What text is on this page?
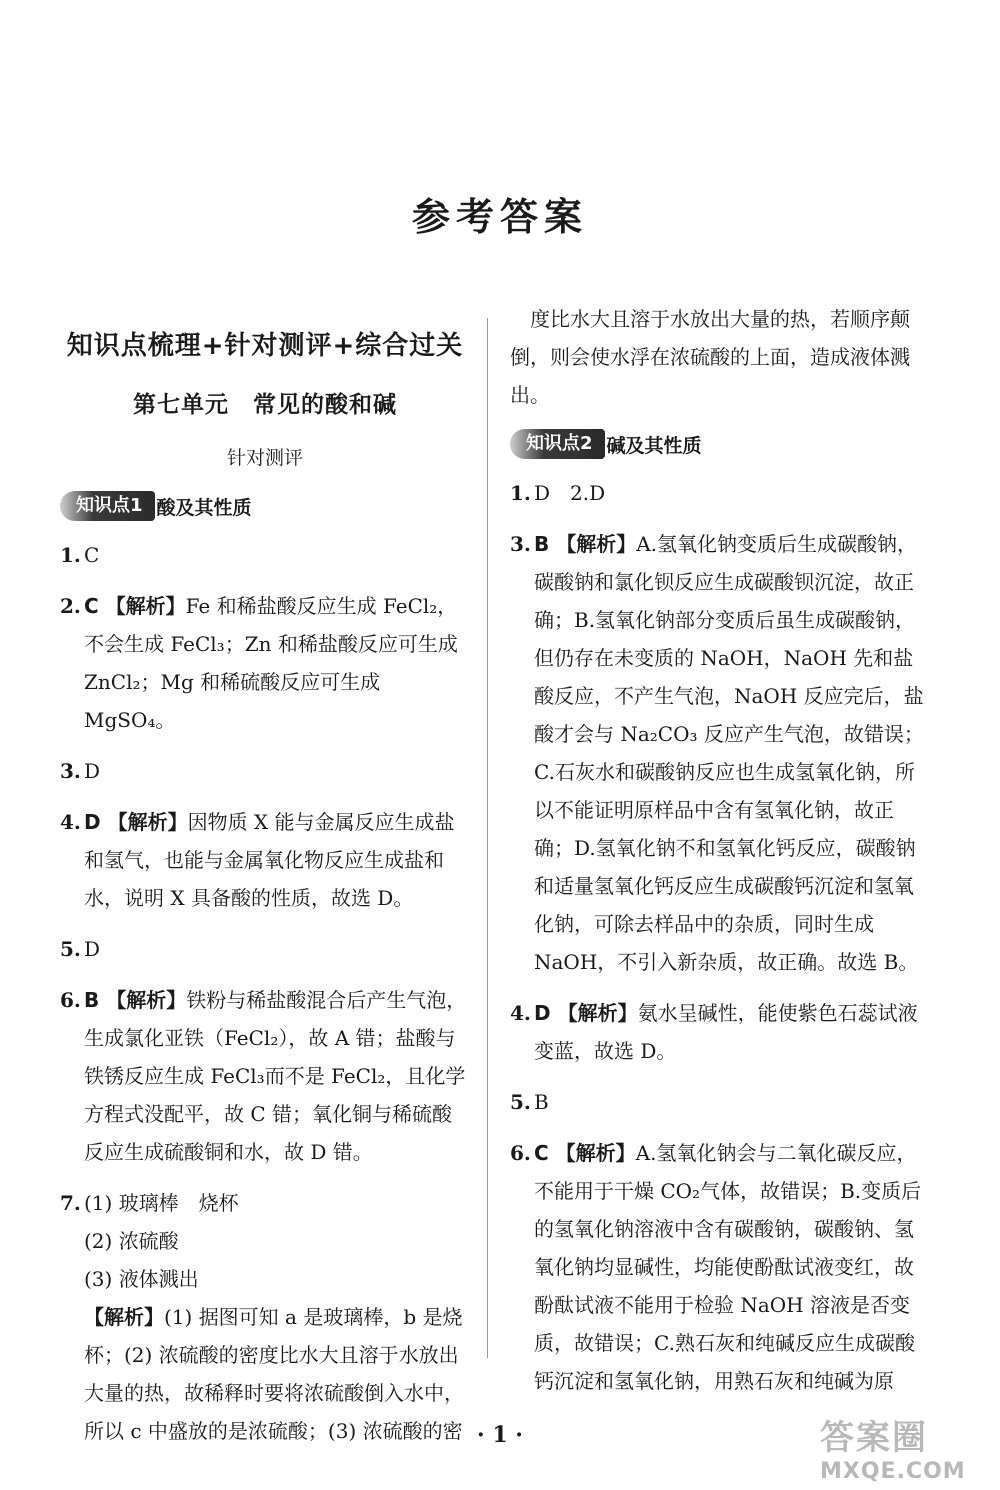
参考答案
知识点梳理+针对测评+综合过关
第七单元　常见的酸和碱
针对测评
知识点1 酸及其性质
1. C
2. C 【解析】Fe 和稀盐酸反应生成 FeCl₂，不会生成 FeCl₃；Zn 和稀盐酸反应可生成 ZnCl₂；Mg 和稀硫酸反应可生成 MgSO₄。
3. D
4. D 【解析】因物质 X 能与金属反应生成盐和氢气，也能与金属氧化物反应生成盐和水，说明 X 具备酸的性质，故选 D。
5. D
6. B 【解析】铁粉与稀盐酸混合后产生气泡，生成氯化亚铁（FeCl₂），故 A 错；盐酸与铁锈反应生成 FeCl₃而不是 FeCl₂，且化学方程式没配平，故 C 错；氧化铜与稀硫酸反应生成硫酸铜和水，故 D 错。
7. (1) 玻璃棒　烧杯
(2) 浓硫酸
(3) 液体溅出
【解析】(1) 据图可知 a 是玻璃棒，b 是烧杯；(2) 浓硫酸的密度比水大且溶于水放出大量的热，故稀释时要将浓硫酸倒入水中，所以 c 中盛放的是浓硫酸；(3) 浓硫酸的密
度比水大且溶于水放出大量的热，若顺序颠倒，则会使水浮在浓硫酸的上面，造成液体溅出。
知识点2 碱及其性质
1. D　2.D
3. B 【解析】A.氢氧化钠变质后生成碳酸钠，碳酸钠和氯化钡反应生成碳酸钡沉淀，故正确；B.氢氧化钠部分变质后虽生成碳酸钠，但仍存在未变质的 NaOH，NaOH 先和盐酸反应，不产生气泡，NaOH 反应完后，盐酸才会与 Na₂CO₃ 反应产生气泡，故错误；C.石灰水和碳酸钠反应也生成氢氧化钠，所以不能证明原样品中含有氢氧化钠，故正确；D.氢氧化钠不和氢氧化钙反应，碳酸钠和适量氢氧化钙反应生成碳酸钙沉淀和氢氧化钠，可除去样品中的杂质，同时生成 NaOH，不引入新杂质，故正确。故选 B。
4. D 【解析】氨水呈碱性，能使紫色石蕊试液变蓝，故选 D。
5. B
6. C 【解析】A.氢氧化钠会与二氧化碳反应，不能用于干燥 CO₂气体，故错误；B.变质后的氢氧化钠溶液中含有碳酸钠，碳酸钠、氢氧化钠均显碱性，均能使酚酞试液变红，故酚酞试液不能用于检验 NaOH 溶液是否变质，故错误；C.熟石灰和纯碱反应生成碳酸钙沉淀和氢氧化钠，用熟石灰和纯碱为原
· 1 ·	答案圈
MXQE.COM
